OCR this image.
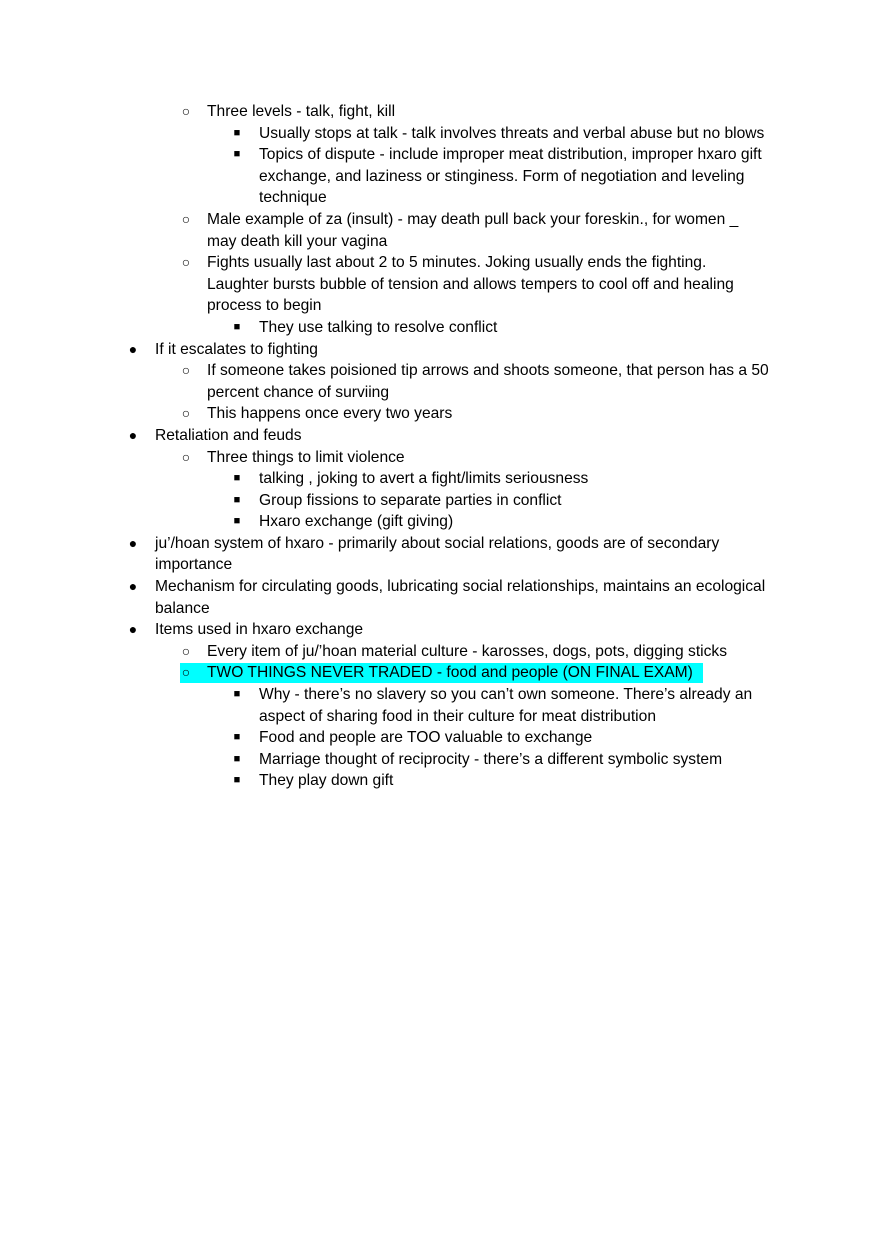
○	Three levels - talk, fight, kill
■	Usually stops at talk - talk involves threats and verbal abuse but no blows
■	Topics of dispute - include improper meat distribution, improper hxaro gift
exchange, and laziness or stinginess. Form of negotiation and leveling
technique
○	Male example of za (insult) - may death pull back your foreskin., for women _
may death kill your vagina
○	Fights usually last about 2 to 5 minutes. Joking usually ends the fighting.
Laughter bursts bubble of tension and allows tempers to cool off and healing
process to begin
■	They use talking to resolve conflict
●	If it escalates to fighting
○	If someone takes poisioned tip arrows and shoots someone, that person has a 50
percent chance of surviing
○	This happens once every two years
●	Retaliation and feuds
○	Three things to limit violence
■	talking , joking to avert a fight/limits seriousness
■	Group fissions to separate parties in conflict
■	Hxaro exchange (gift giving)
●	ju’/hoan system of hxaro - primarily about social relations, goods are of secondary
importance
●	Mechanism for circulating goods, lubricating social relationships, maintains an ecological
balance
●	Items used in hxaro exchange
○	Every item of ju/’hoan material culture - karosses, dogs, pots, digging sticks
○	TWO THINGS NEVER TRADED - food and people (ON FINAL EXAM)
■	Why - there’s no slavery so you can’t own someone. There’s already an
aspect of sharing food in their culture for meat distribution
■	Food and people are TOO valuable to exchange
■	Marriage thought of reciprocity - there’s a different symbolic system
■	They play down gift
